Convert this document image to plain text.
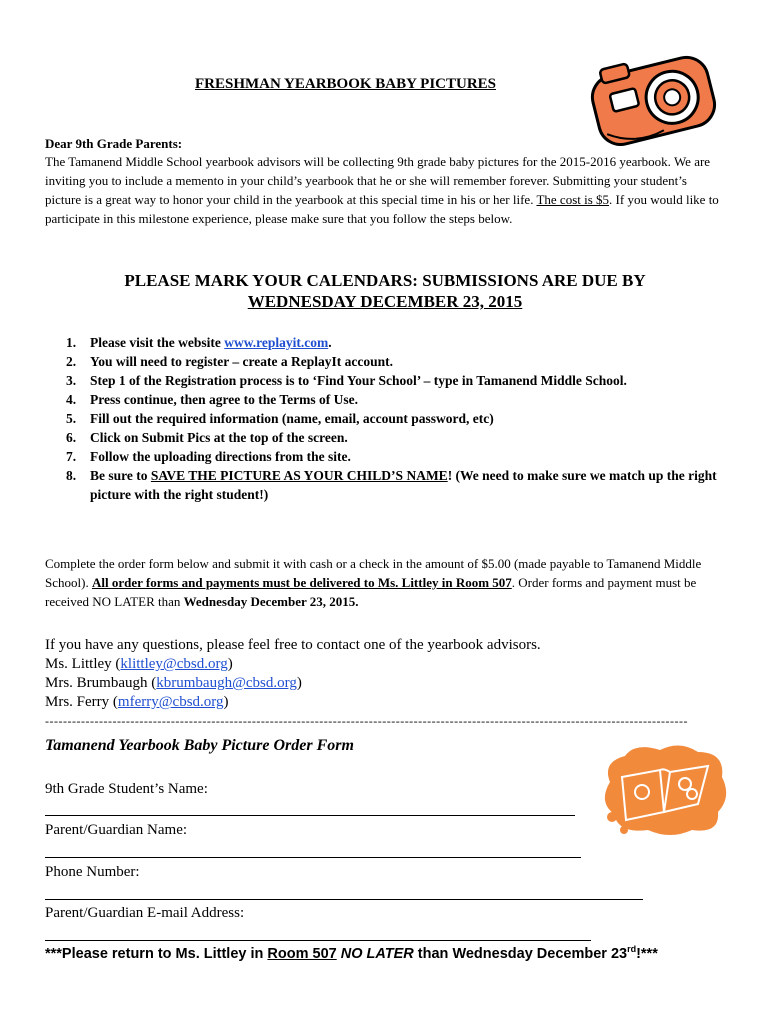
FRESHMAN YEARBOOK BABY PICTURES
Dear 9th Grade Parents:
The Tamanend Middle School yearbook advisors will be collecting 9th grade baby pictures for the 2015-2016 yearbook. We are inviting you to include a memento in your child’s yearbook that he or she will remember forever. Submitting your student’s picture is a great way to honor your child in the yearbook at this special time in his or her life. The cost is $5. If you would like to participate in this milestone experience, please make sure that you follow the steps below.
PLEASE MARK YOUR CALENDARS: SUBMISSIONS ARE DUE BY
WEDNESDAY DECEMBER 23, 2015
1. Please visit the website www.replayit.com.
2. You will need to register – create a ReplayIt account.
3. Step 1 of the Registration process is to ‘Find Your School’ – type in Tamanend Middle School.
4. Press continue, then agree to the Terms of Use.
5. Fill out the required information (name, email, account password, etc)
6. Click on Submit Pics at the top of the screen.
7. Follow the uploading directions from the site.
8. Be sure to SAVE THE PICTURE AS YOUR CHILD’S NAME! (We need to make sure we match up the right picture with the right student!)
Complete the order form below and submit it with cash or a check in the amount of $5.00 (made payable to Tamanend Middle School). All order forms and payments must be delivered to Ms. Littley in Room 507. Order forms and payment must be received NO LATER than Wednesday December 23, 2015.
If you have any questions, please feel free to contact one of the yearbook advisors.
Ms. Littley (klittley@cbsd.org)
Mrs. Brumbaugh (kbrumbaugh@cbsd.org)
Mrs. Ferry (mferry@cbsd.org)
-----------------------------------------------------------------------------------------------------------------------------------------------
Tamanend Yearbook Baby Picture Order Form
9th Grade Student’s Name:
Parent/Guardian Name:
Phone Number:
Parent/Guardian E-mail Address:
***Please return to Ms. Littley in Room 507 NO LATER than Wednesday December 23rd!***
